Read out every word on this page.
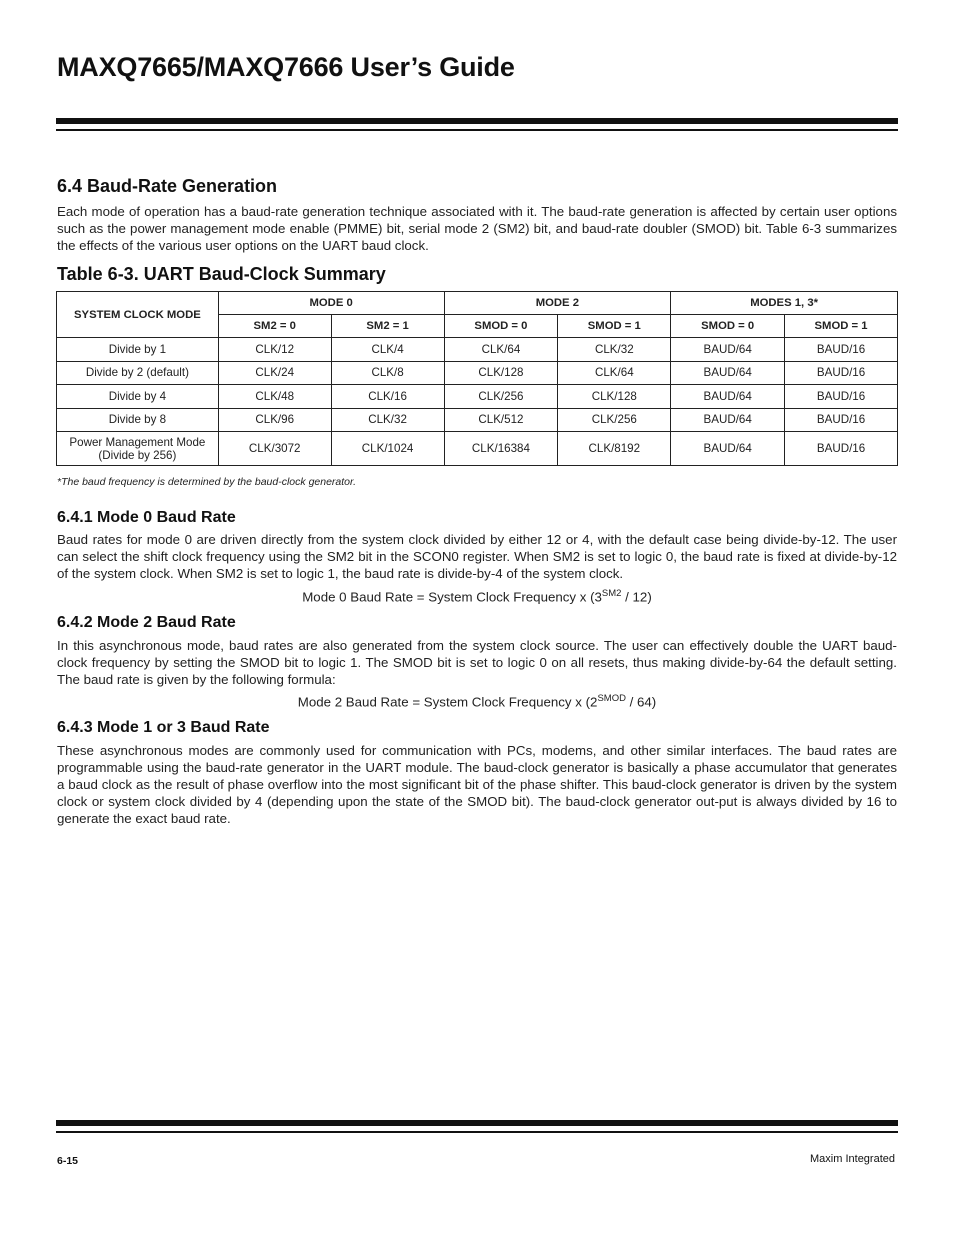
MAXQ7665/MAXQ7666 User’s Guide
6.4 Baud-Rate Generation

Each mode of operation has a baud-rate generation technique associated with it. The baud-rate generation is affected by certain user options such as the power management mode enable (PMME) bit, serial mode 2 (SM2) bit, and baud-rate doubler (SMOD) bit. Table 6-3 summarizes the effects of the various user options on the UART baud clock.

Table 6-3. UART Baud-Clock Summary
SYSTEM CLOCK MODE	MODE 0		MODE 2		MODES 1, 3*	
	SM2 = 0	SM2 = 1	SMOD = 0	SMOD = 1	SMOD = 0	SMOD = 1
Divide by 1	CLK/12	CLK/4	CLK/64	CLK/32	BAUD/64	BAUD/16
Divide by 2 (default)	CLK/24	CLK/8	CLK/128	CLK/64	BAUD/64	BAUD/16
Divide by 4	CLK/48	CLK/16	CLK/256	CLK/128	BAUD/64	BAUD/16
Divide by 8	CLK/96	CLK/32	CLK/512	CLK/256	BAUD/64	BAUD/16
Power Management Mode
(Divide by 256)	CLK/3072	CLK/1024	CLK/16384	CLK/8192	BAUD/64	BAUD/16

*The baud frequency is determined by the baud-clock generator.

6.4.1 Mode 0 Baud Rate

Baud rates for mode 0 are driven directly from the system clock divided by either 12 or 4, with the default case being divide-by-12. The user can select the shift clock frequency using the SM2 bit in the SCON0 register. When SM2 is set to logic 0, the baud rate is fixed at divide-by-12 of the system clock. When SM2 is set to logic 1, the baud rate is divide-by-4 of the system clock.

Mode 0 Baud Rate = System Clock Frequency x $(3^{SM2} / 12)$

6.4.2 Mode 2 Baud Rate

In this asynchronous mode, baud rates are also generated from the system clock source. The user can effectively double the UART baud-clock frequency by setting the SMOD bit to logic 1. The SMOD bit is set to logic 0 on all resets, thus making divide-by-64 the default setting. The baud rate is given by the following formula:

Mode 2 Baud Rate = System Clock Frequency x $(2^{SMOD} / 64)$

6.4.3 Mode 1 or 3 Baud Rate

These asynchronous modes are commonly used for communication with PCs, modems, and other similar interfaces. The baud rates are programmable using the baud-rate generator in the UART module. The baud-clock generator is basically a phase accumulator that generates a baud clock as the result of phase overflow into the most significant bit of the phase shifter. This baud-clock generator is driven by the system clock or system clock divided by 4 (depending upon the state of the SMOD bit). The baud-clock generator out-put is always divided by 16 to generate the exact baud rate.

6-15	Maxim Integrated
